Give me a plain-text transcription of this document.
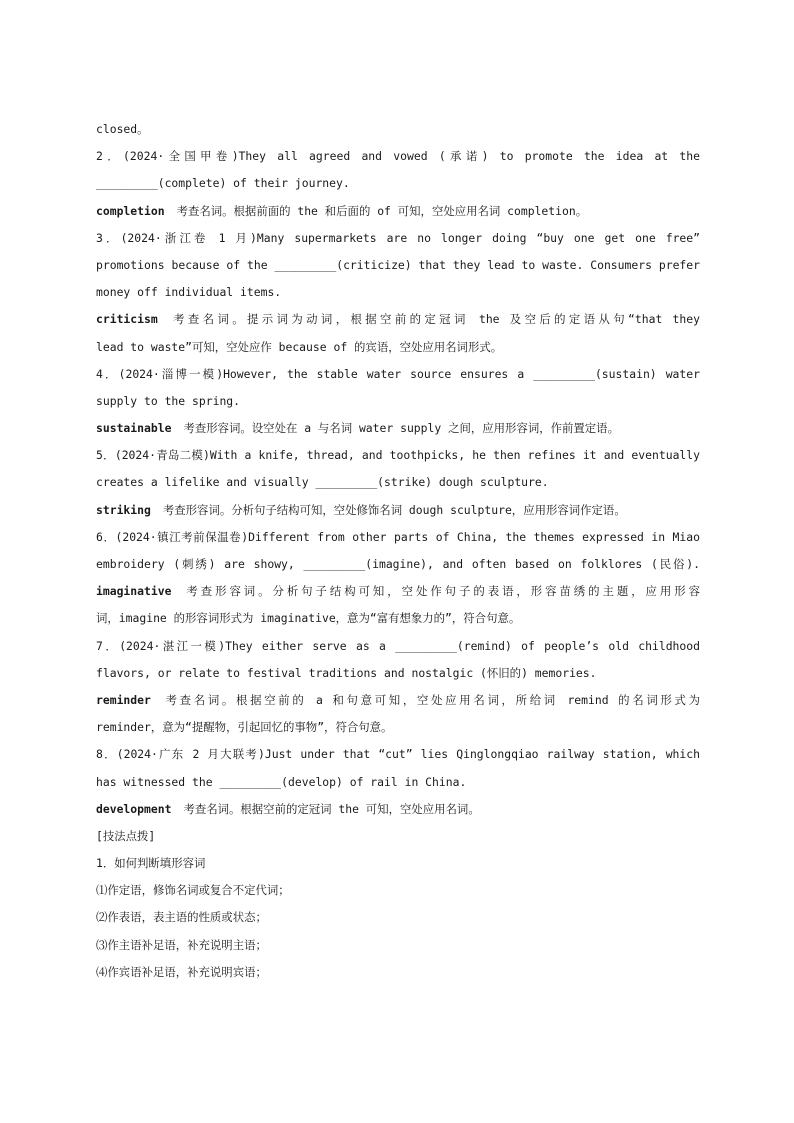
closed。
2．(2024·全国甲卷)They all agreed and vowed (承诺) to promote the idea at the
_________(complete) of their journey.
completion 考查名词。根据前面的 the 和后面的 of 可知，空处应用名词 completion。
3．(2024·浙江卷 1 月)Many supermarkets are no longer doing “buy one get one free”
promotions because of the _________(criticize) that they lead to waste. Consumers prefer
money off individual items.
criticism 考查名词。提示词为动词，根据空前的定冠词 the 及空后的定语从句“that they
lead to waste”可知，空处应作 because of 的宾语，空处应用名词形式。
4．(2024·淄博一模)However, the stable water source ensures a _________(sustain) water
supply to the spring.
sustainable 考查形容词。设空处在 a 与名词 water supply 之间，应用形容词，作前置定语。
5．(2024·青岛二模)With a knife, thread, and toothpicks, he then refines it and eventually
creates a lifelike and visually _________(strike) dough sculpture.
striking 考查形容词。分析句子结构可知，空处修饰名词 dough sculpture，应用形容词作定语。
6．(2024·镇江考前保温卷)Different from other parts of China, the themes expressed in Miao
embroidery (刺绣) are showy, _________(imagine), and often based on folklores (民俗).
imaginative 考查形容词。分析句子结构可知，空处作句子的表语，形容苗绣的主题，应用形容
词，imagine 的形容词形式为 imaginative，意为“富有想象力的”，符合句意。
7．(2024·湛江一模)They either serve as a _________(remind) of people’s old childhood
flavors, or relate to festival traditions and nostalgic (怀旧的) memories.
reminder 考查名词。根据空前的 a 和句意可知，空处应用名词，所给词 remind 的名词形式为
reminder，意为“提醒物，引起回忆的事物”，符合句意。
8．(2024·广东 2 月大联考)Just under that “cut” lies Qinglongqiao railway station, which
has witnessed the _________(develop) of rail in China.
development 考查名词。根据空前的定冠词 the 可知，空处应用名词。
[技法点拨]
1．如何判断填形容词
⑴作定语，修饰名词或复合不定代词；
⑵作表语，表主语的性质或状态；
⑶作主语补足语，补充说明主语；
⑷作宾语补足语，补充说明宾语；
